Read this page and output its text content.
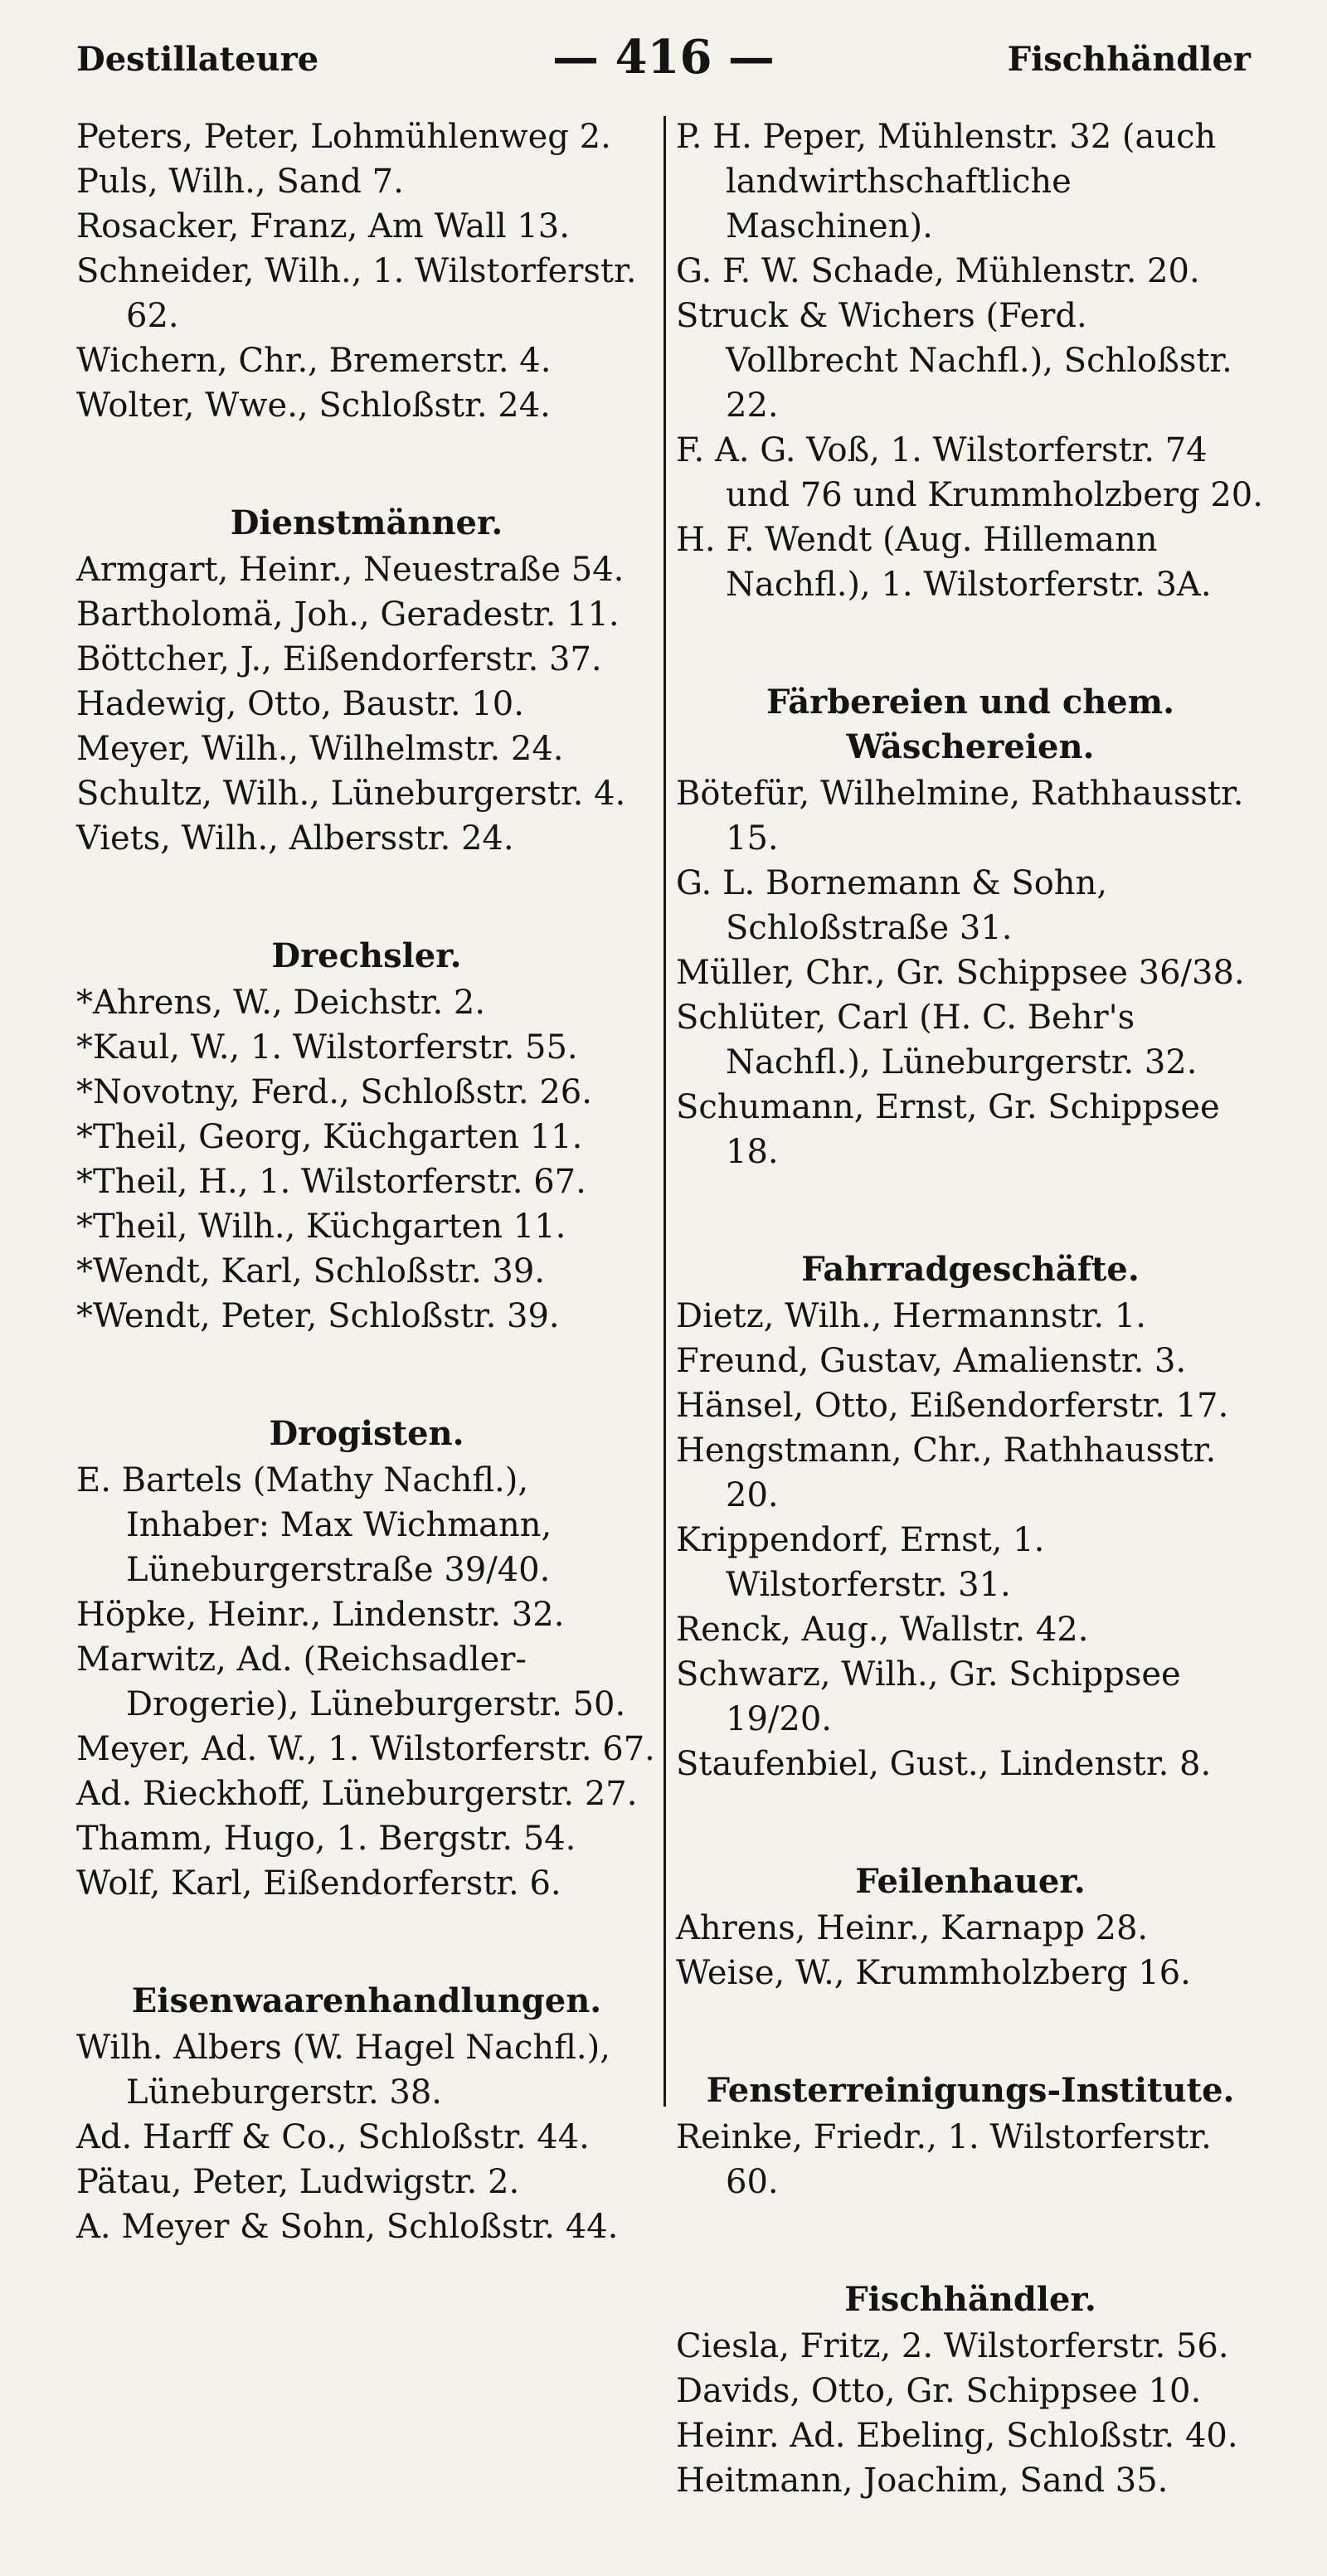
Destillateure	— 416 —	Fischhändler
Peters, Peter, Lohmühlenweg 2.
Puls, Wilh., Sand 7.
Rosacker, Franz, Am Wall 13.
Schneider, Wilh., 1. Wilstorferstr. 62.
Wichern, Chr., Bremerstr. 4.
Wolter, Wwe., Schloßstr. 24.
Dienstmänner.
Armgart, Heinr., Neuestraße 54.
Bartholomä, Joh., Geradestr. 11.
Böttcher, J., Eißendorferstr. 37.
Hadewig, Otto, Baustr. 10.
Meyer, Wilh., Wilhelmstr. 24.
Schultz, Wilh., Lüneburgerstr. 4.
Viets, Wilh., Albersstr. 24.
Drechsler.
*Ahrens, W., Deichstr. 2.
*Kaul, W., 1. Wilstorferstr. 55.
*Novotny, Ferd., Schloßstr. 26.
*Theil, Georg, Küchgarten 11.
*Theil, H., 1. Wilstorferstr. 67.
*Theil, Wilh., Küchgarten 11.
*Wendt, Karl, Schloßstr. 39.
*Wendt, Peter, Schloßstr. 39.
Drogisten.
E. Bartels (Mathy Nachfl.), Inhaber: Max Wichmann, Lüneburgerstraße 39/40.
Höpke, Heinr., Lindenstr. 32.
Marwitz, Ad. (Reichsadler-Drogerie), Lüneburgerstr. 50.
Meyer, Ad. W., 1. Wilstorferstr. 67.
Ad. Rieckhoff, Lüneburgerstr. 27.
Thamm, Hugo, 1. Bergstr. 54.
Wolf, Karl, Eißendorferstr. 6.
Eisenwaarenhandlungen.
Wilh. Albers (W. Hagel Nachfl.), Lüneburgerstr. 38.
Ad. Harff & Co., Schloßstr. 44.
Pätau, Peter, Ludwigstr. 2.
A. Meyer & Sohn, Schloßstr. 44.
P. H. Peper, Mühlenstr. 32 (auch landwirthschaftliche Maschinen).
G. F. W. Schade, Mühlenstr. 20.
Struck & Wichers (Ferd. Vollbrecht Nachfl.), Schloßstr. 22.
F. A. G. Voß, 1. Wilstorferstr. 74 und 76 und Krummholzberg 20.
H. F. Wendt (Aug. Hillemann Nachfl.), 1. Wilstorferstr. 3A.
Färbereien und chem. Wäschereien.
Bötefür, Wilhelmine, Rathhausstr. 15.
G. L. Bornemann & Sohn, Schloßstraße 31.
Müller, Chr., Gr. Schippsee 36/38.
Schlüter, Carl (H. C. Behr's Nachfl.), Lüneburgerstr. 32.
Schumann, Ernst, Gr. Schippsee 18.
Fahrradgeschäfte.
Dietz, Wilh., Hermannstr. 1.
Freund, Gustav, Amalienstr. 3.
Hänsel, Otto, Eißendorferstr. 17.
Hengstmann, Chr., Rathhausstr. 20.
Krippendorf, Ernst, 1. Wilstorferstr. 31.
Renck, Aug., Wallstr. 42.
Schwarz, Wilh., Gr. Schippsee 19/20.
Staufenbiel, Gust., Lindenstr. 8.
Feilenhauer.
Ahrens, Heinr., Karnapp 28.
Weise, W., Krummholzberg 16.
Fensterreinigungs-Institute.
Reinke, Friedr., 1. Wilstorferstr. 60.
Fischhändler.
Ciesla, Fritz, 2. Wilstorferstr. 56.
Davids, Otto, Gr. Schippsee 10.
Heinr. Ad. Ebeling, Schloßstr. 40.
Heitmann, Joachim, Sand 35.
